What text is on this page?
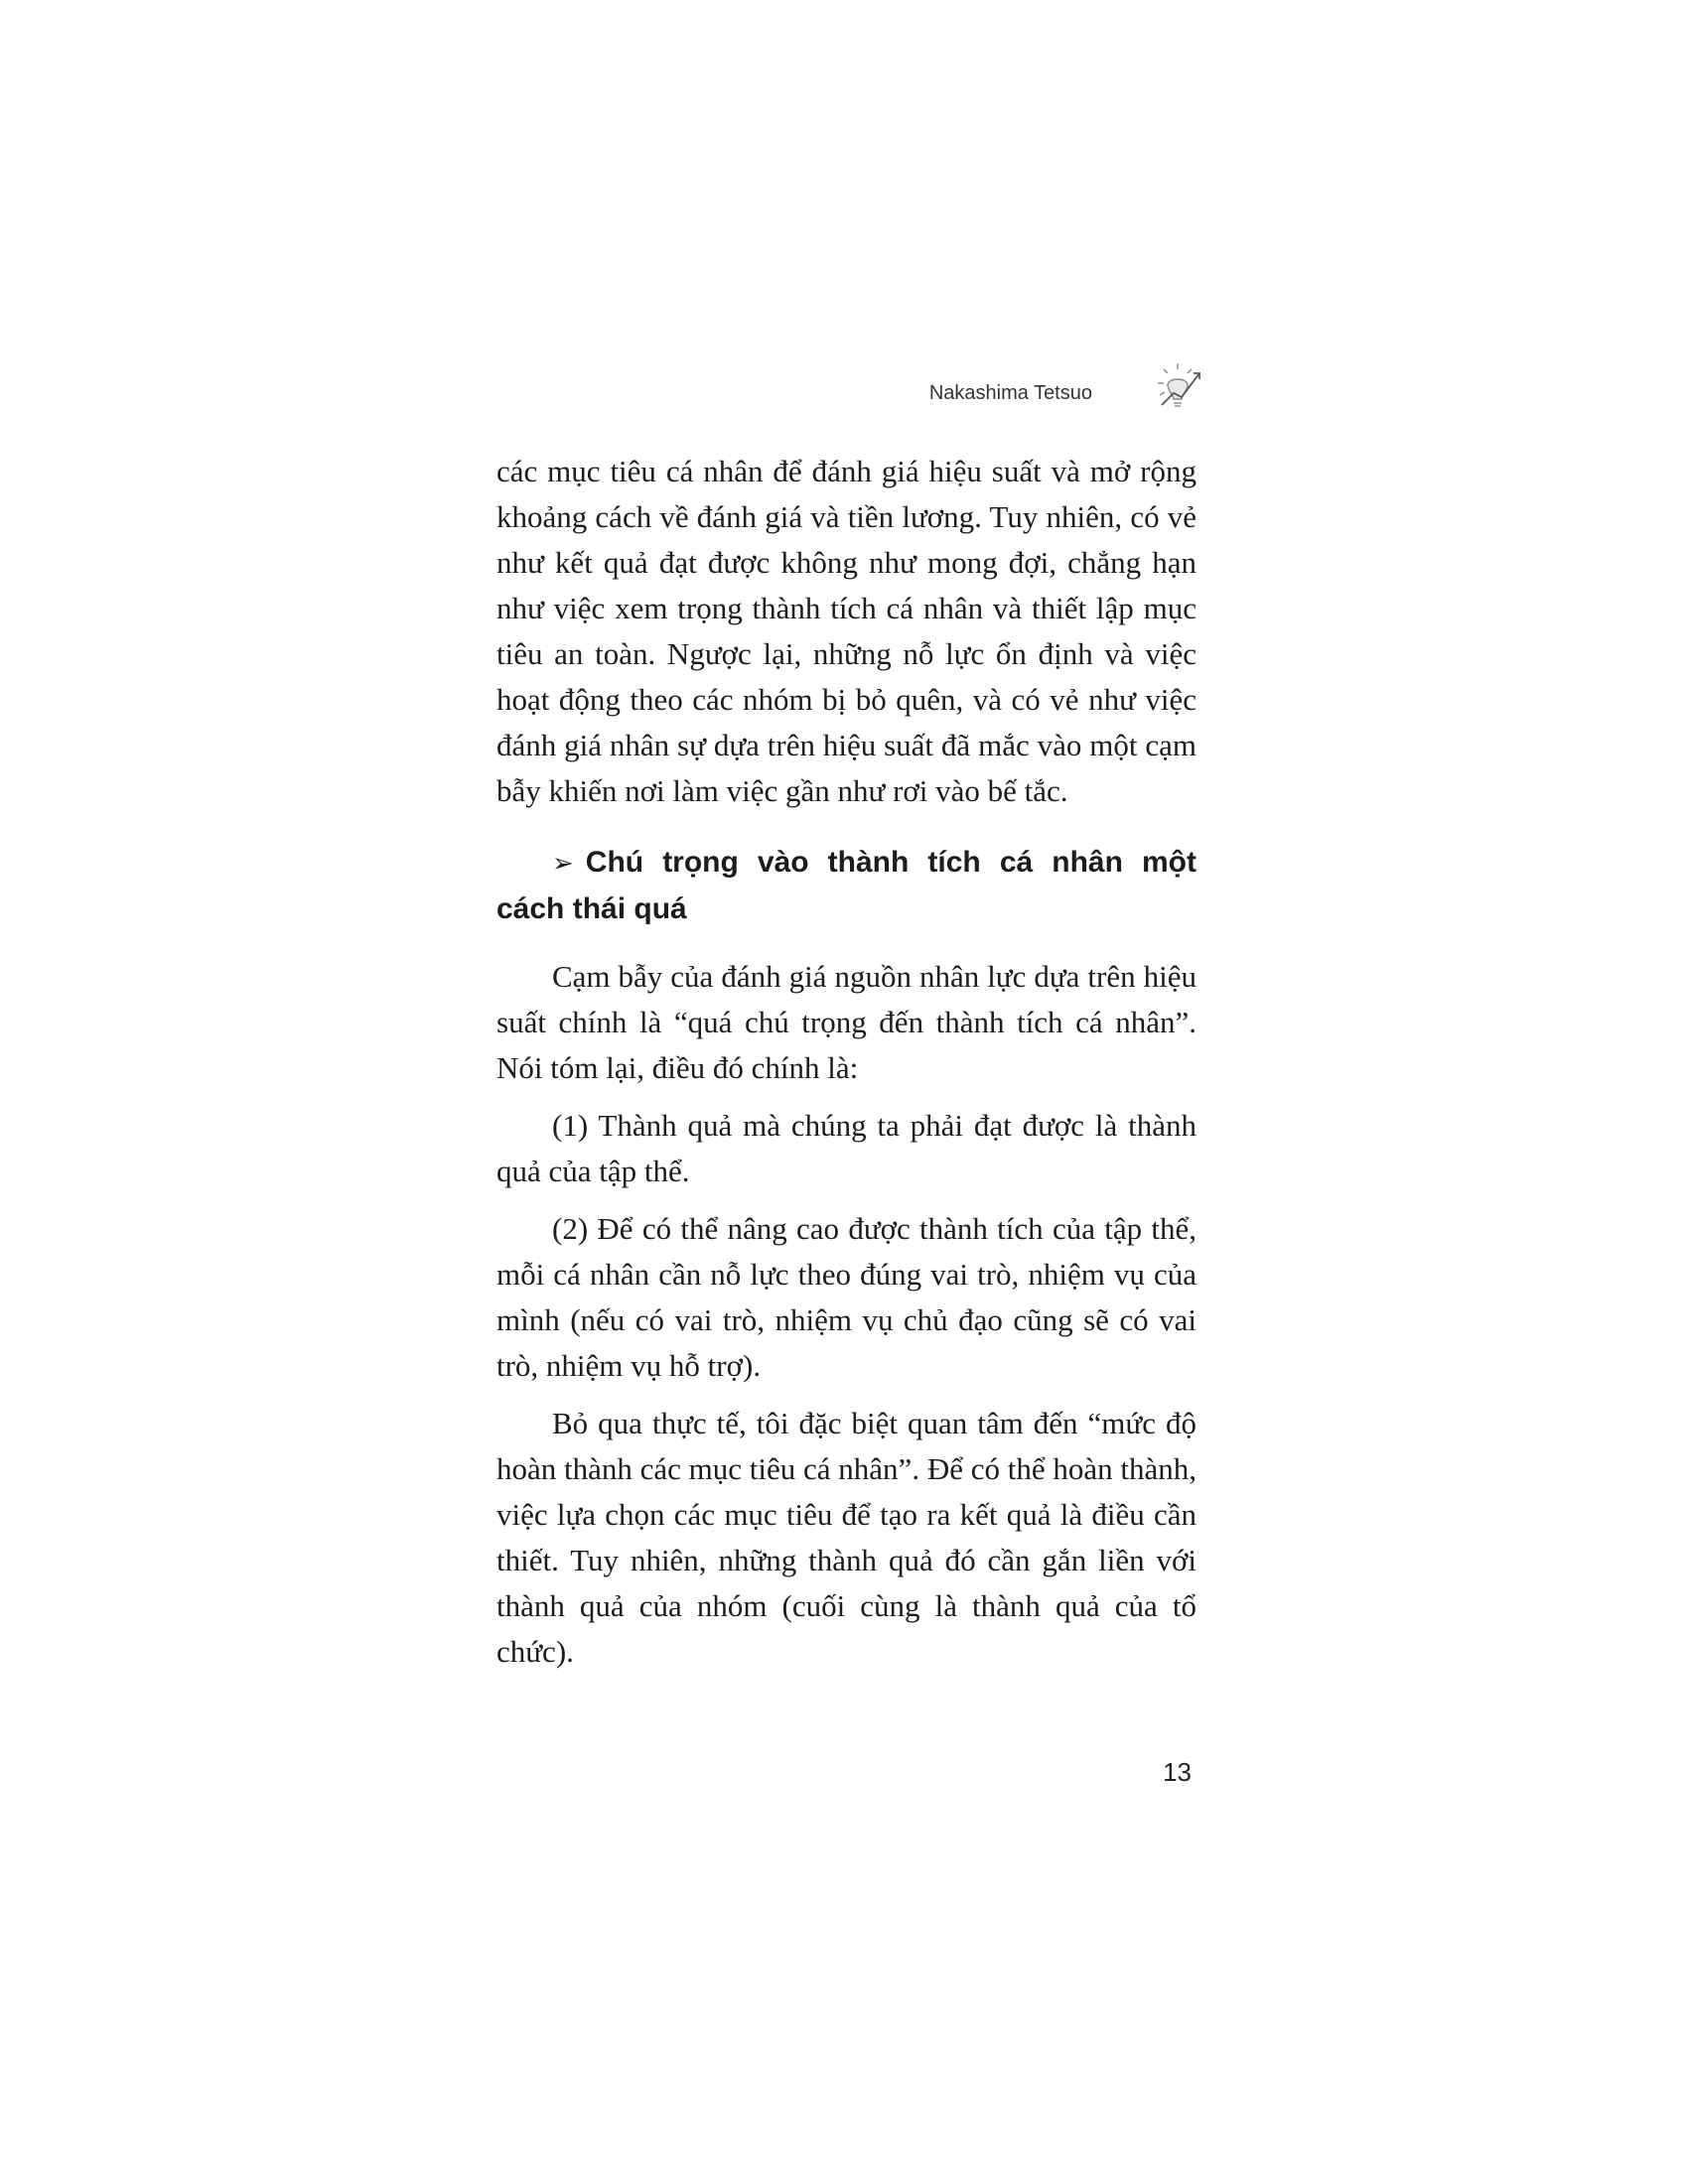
Nakashima Tetsuo

các mục tiêu cá nhân để đánh giá hiệu suất và mở rộng khoảng cách về đánh giá và tiền lương. Tuy nhiên, có vẻ như kết quả đạt được không như mong đợi, chẳng hạn như việc xem trọng thành tích cá nhân và thiết lập mục tiêu an toàn. Ngược lại, những nỗ lực ổn định và việc hoạt động theo các nhóm bị bỏ quên, và có vẻ như việc đánh giá nhân sự dựa trên hiệu suất đã mắc vào một cạm bẫy khiến nơi làm việc gần như rơi vào bế tắc.

➢ Chú trọng vào thành tích cá nhân một cách thái quá

Cạm bẫy của đánh giá nguồn nhân lực dựa trên hiệu suất chính là “quá chú trọng đến thành tích cá nhân”. Nói tóm lại, điều đó chính là:

(1) Thành quả mà chúng ta phải đạt được là thành quả của tập thể.

(2) Để có thể nâng cao được thành tích của tập thể, mỗi cá nhân cần nỗ lực theo đúng vai trò, nhiệm vụ của mình (nếu có vai trò, nhiệm vụ chủ đạo cũng sẽ có vai trò, nhiệm vụ hỗ trợ).

Bỏ qua thực tế, tôi đặc biệt quan tâm đến “mức độ hoàn thành các mục tiêu cá nhân”. Để có thể hoàn thành, việc lựa chọn các mục tiêu để tạo ra kết quả là điều cần thiết. Tuy nhiên, những thành quả đó cần gắn liền với thành quả của nhóm (cuối cùng là thành quả của tổ chức).

13
